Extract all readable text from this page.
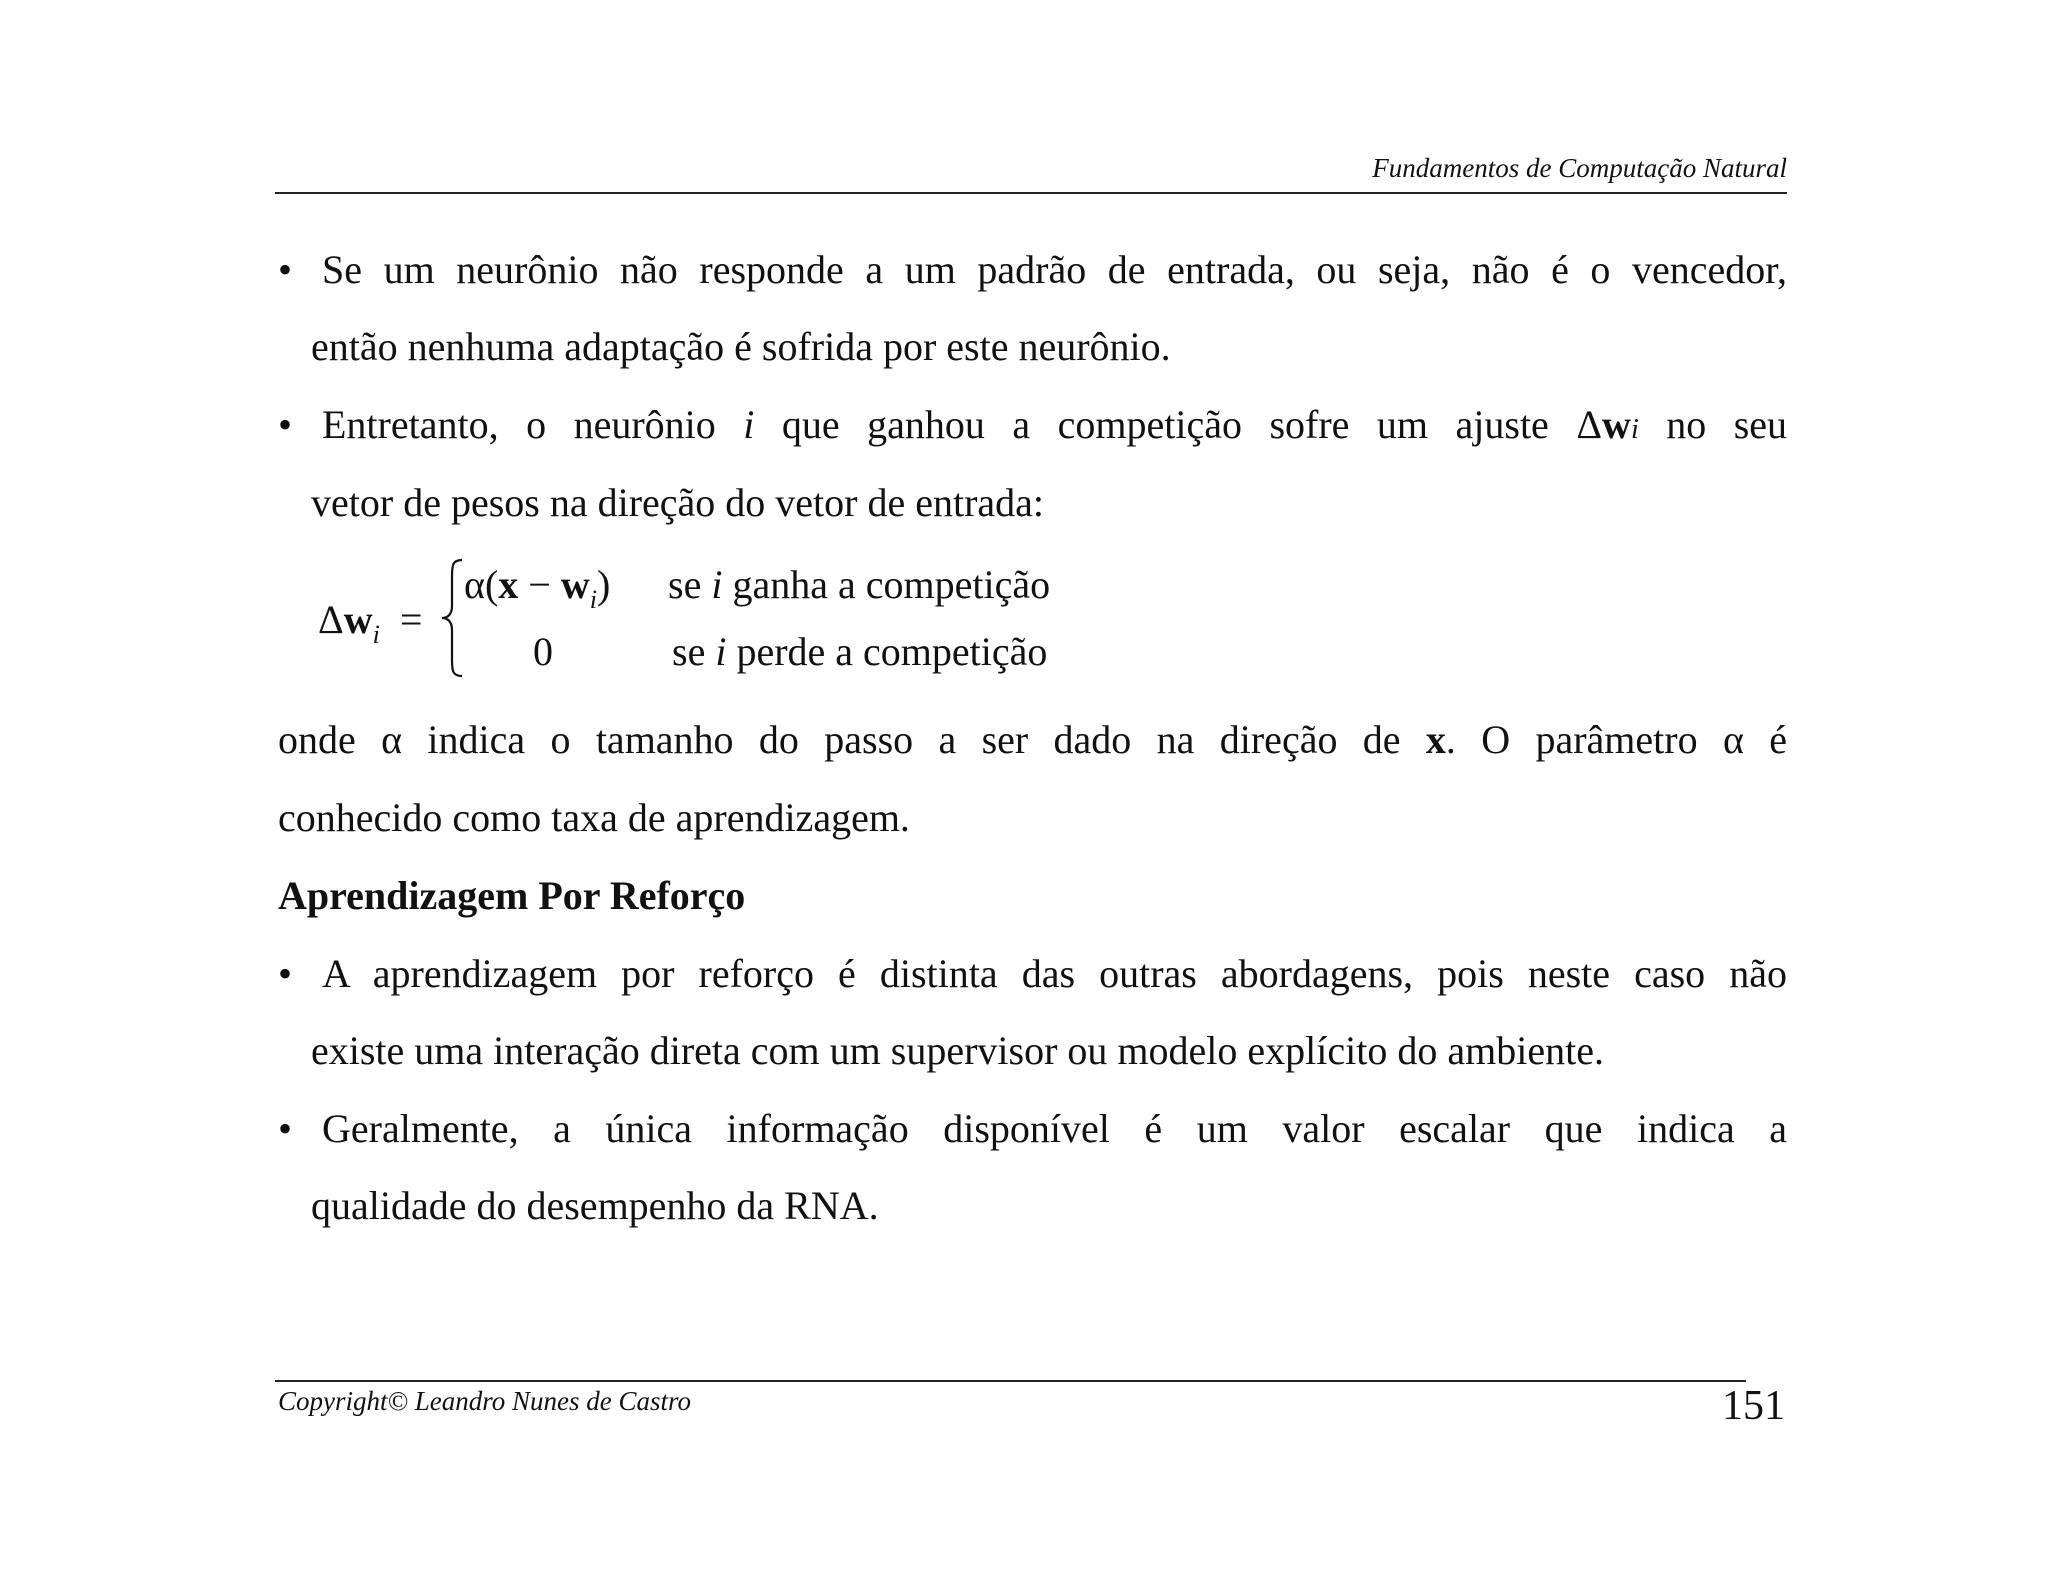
Fundamentos de Computação Natural
• Se um neurônio não responde a um padrão de entrada, ou seja, não é o vencedor,
então nenhuma adaptação é sofrida por este neurônio.
• Entretanto, o neurônio i que ganhou a competição sofre um ajuste Δwi no seu
vetor de pesos na direção do vetor de entrada:
$\Delta w_i$ =
$\alpha(x - w_i)$ se i ganha a competição
0	se i perde a competição
onde α indica o tamanho do passo a ser dado na direção de x. O parâmetro α é
conhecido como taxa de aprendizagem.
Aprendizagem Por Reforço
• A aprendizagem por reforço é distinta das outras abordagens, pois neste caso não
existe uma interação direta com um supervisor ou modelo explícito do ambiente.
• Geralmente, a única informação disponível é um valor escalar que indica a
qualidade do desempenho da RNA.
Copyright© Leandro Nunes de Castro	151
